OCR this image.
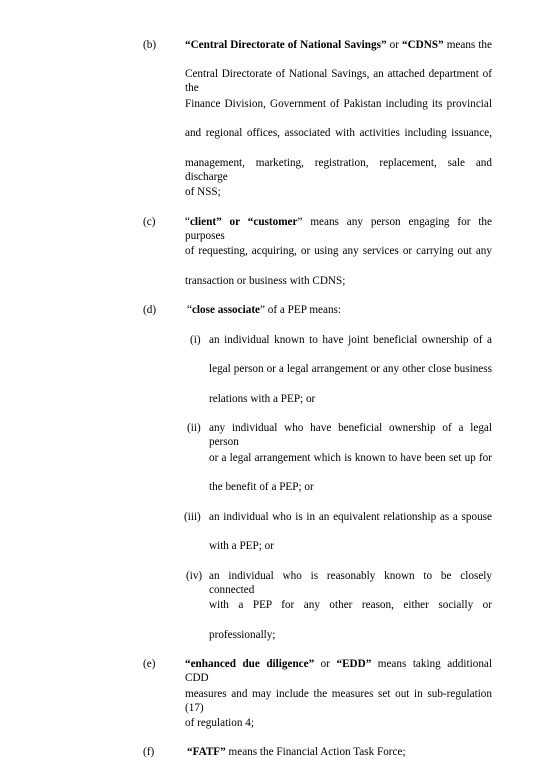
(b)	“Central Directorate of National Savings” or “CDNS” means the
Central Directorate of National Savings, an attached department of the
Finance Division, Government of Pakistan including its provincial
and regional offices, associated with activities including issuance,
management, marketing, registration, replacement, sale and discharge
of NSS;
(c)	“client” or “customer” means any person engaging for the purposes
of requesting, acquiring, or using any services or carrying out any
transaction or business with CDNS;
(d)	“close associate” of a PEP means:
(i) an individual known to have joint beneficial ownership of a
legal person or a legal arrangement or any other close business
relations with a PEP; or
(ii) any individual who have beneficial ownership of a legal person
or a legal arrangement which is known to have been set up for
the benefit of a PEP; or
(iii) an individual who is in an equivalent relationship as a spouse
with a PEP; or
(iv) an individual who is reasonably known to be closely connected
with a PEP for any other reason, either socially or
professionally;
(e)	“enhanced due diligence” or “EDD” means taking additional CDD
measures and may include the measures set out in sub-regulation (17)
of regulation 4;
(f)	“FATF” means the Financial Action Task Force;
